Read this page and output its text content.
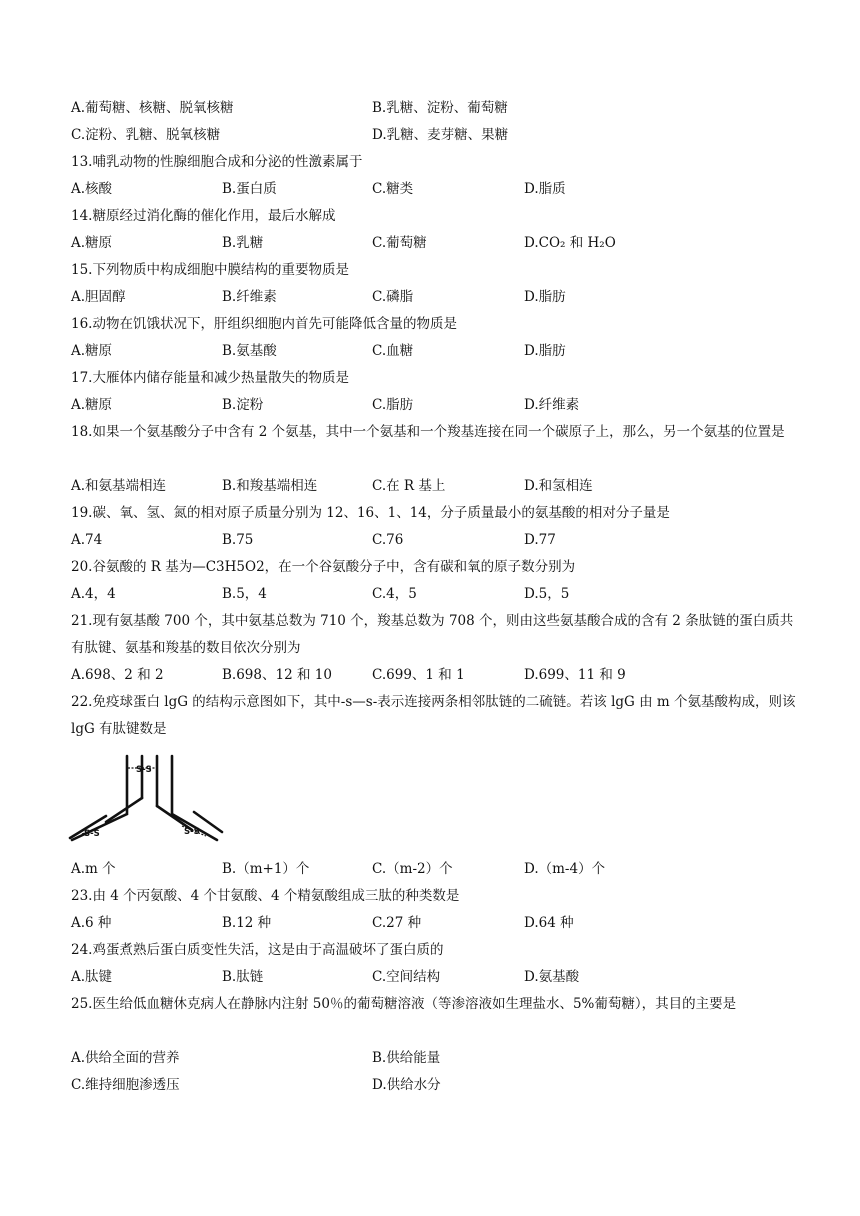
A.葡萄糖、核糖、脱氧核糖	B.乳糖、淀粉、葡萄糖
C.淀粉、乳糖、脱氧核糖	D.乳糖、麦芽糖、果糖
13.哺乳动物的性腺细胞合成和分泌的性激素属于
A.核酸	B.蛋白质	C.糖类	D.脂质
14.糖原经过消化酶的催化作用，最后水解成
A.糖原	B.乳糖	C.葡萄糖	D.CO₂ 和 H₂O
15.下列物质中构成细胞中膜结构的重要物质是
A.胆固醇	B.纤维素	C.磷脂	D.脂肪
16.动物在饥饿状况下，肝组织细胞内首先可能降低含量的物质是
A.糖原	B.氨基酸	C.血糖	D.脂肪
17.大雁体内储存能量和减少热量散失的物质是
A.糖原	B.淀粉	C.脂肪	D.纤维素
18.如果一个氨基酸分子中含有 2 个氨基，其中一个氨基和一个羧基连接在同一个碳原子上，那么，另一个氨基的位置是
A.和氨基端相连	B.和羧基端相连	C.在 R 基上	D.和氢相连
19.碳、氧、氢、氮的相对原子质量分别为 12、16、1、14，分子质量最小的氨基酸的相对分子量是
A.74	B.75	C.76	D.77
20.谷氨酸的 R 基为—C3H5O2，在一个谷氨酸分子中，含有碳和氧的原子数分别为
A.4，4	B.5，4	C.4，5	D.5，5
21.现有氨基酸 700 个，其中氨基总数为 710 个，羧基总数为 708 个，则由这些氨基酸合成的含有 2 条肽链的蛋白质共有肽键、氨基和羧基的数目依次分别为
A.698、2 和 2	B.698、12 和 10	C.699、1 和 1	D.699、11 和 9
22.免疫球蛋白 lgG 的结构示意图如下，其中-s—s-表示连接两条相邻肽链的二硫链。若该 lgG 由 m 个氨基酸构成，则该 lgG 有肽键数是
S-S
S-S	S-S
A.m 个	B.（m+1）个	C.（m-2）个	D.（m-4）个
23.由 4 个丙氨酸、4 个甘氨酸、4 个精氨酸组成三肽的种类数是
A.6 种	B.12 种	C.27 种	D.64 种
24.鸡蛋煮熟后蛋白质变性失活，这是由于高温破坏了蛋白质的
A.肽键	B.肽链	C.空间结构	D.氨基酸
25.医生给低血糖休克病人在静脉内注射 50％的葡萄糖溶液（等渗溶液如生理盐水、5%葡萄糖），其目的主要是
A.供给全面的营养	B.供给能量
C.维持细胞渗透压	D.供给水分
